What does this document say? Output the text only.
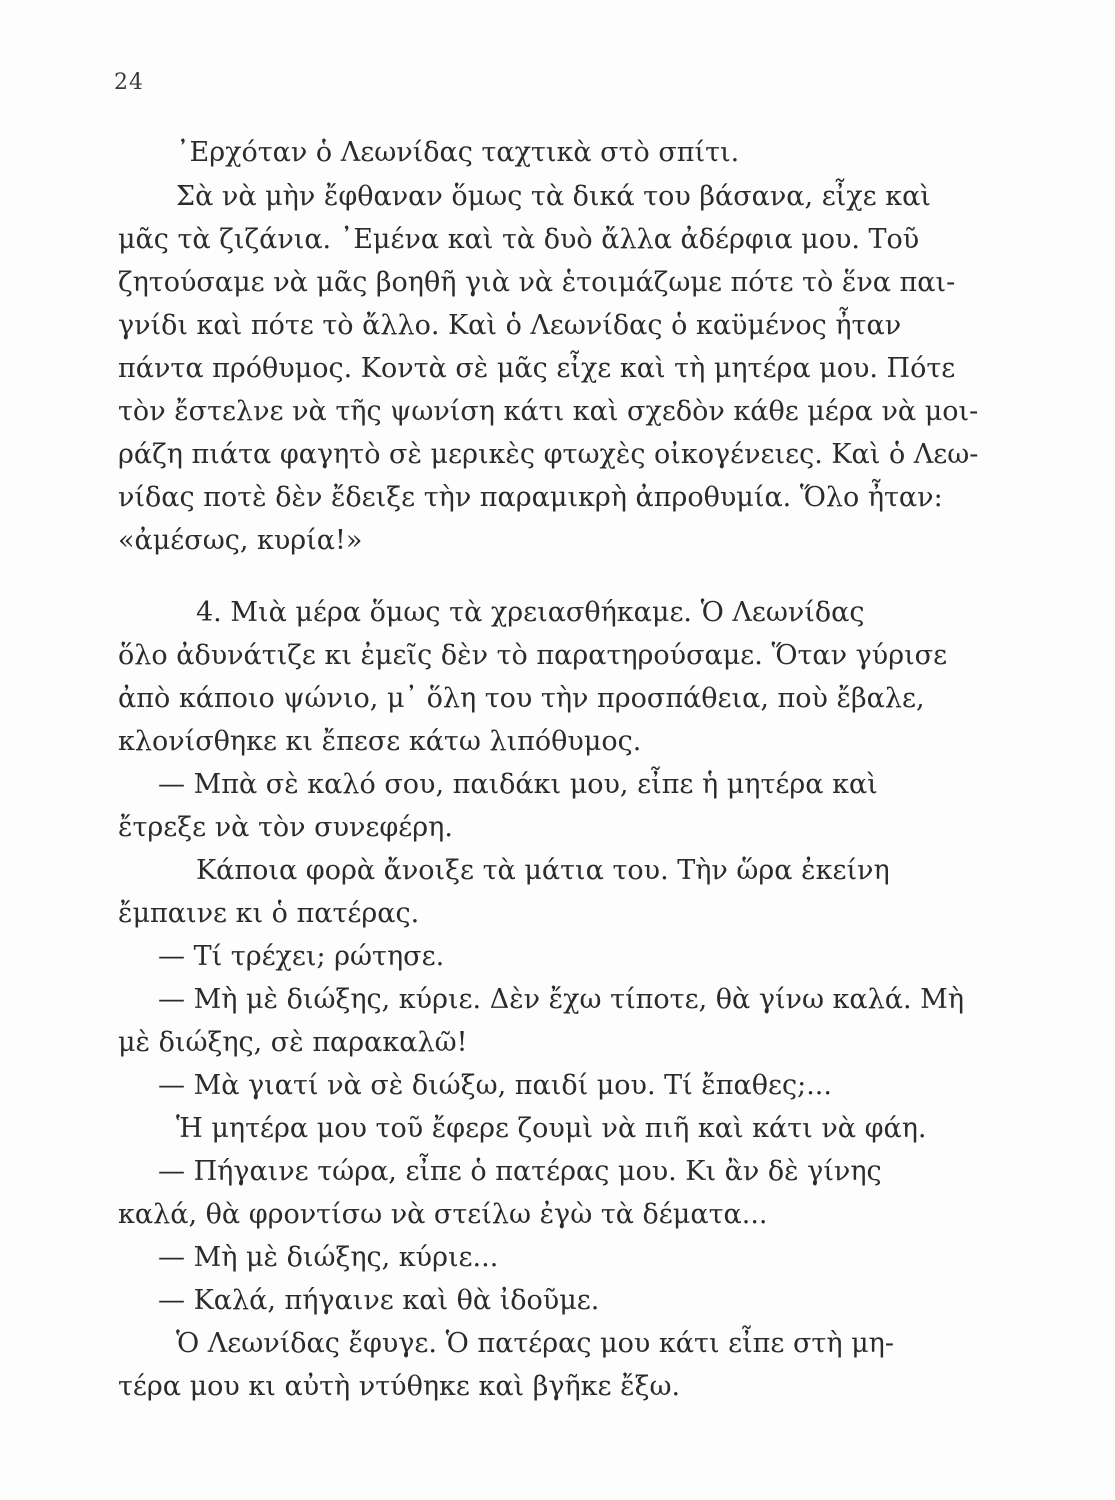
24
᾽Ερχόταν ὁ Λεωνίδας ταχτικὰ στὸ σπίτι.
Σὰ νὰ μὴν ἔφθαναν ὅμως τὰ δικά του βάσανα, εἶχε καὶ
μᾶς τὰ ζιζάνια. ᾽Εμένα καὶ τὰ δυὸ ἄλλα ἀδέρφια μου. Τοῦ
ζητούσαμε νὰ μᾶς βοηθῆ γιὰ νὰ ἑτοιμάζωμε πότε τὸ ἕνα παι-
γνίδι καὶ πότε τὸ ἄλλο. Καὶ ὁ Λεωνίδας ὁ καϋμένος ἦταν
πάντα πρόθυμος. Κοντὰ σὲ μᾶς εἶχε καὶ τὴ μητέρα μου. Πότε
τὸν ἔστελνε νὰ τῆς ψωνίση κάτι καὶ σχεδὸν κάθε μέρα νὰ μοι-
ράζη πιάτα φαγητὸ σὲ μερικὲς φτωχὲς οἰκογένειες. Καὶ ὁ Λεω-
νίδας ποτὲ δὲν ἔδειξε τὴν παραμικρὴ ἀπροθυμία. Ὅλο ἦταν:
«ἀμέσως, κυρία!»
4. Μιὰ μέρα ὅμως τὰ χρειασθήκαμε. Ὁ Λεωνίδας
ὅλο ἀδυνάτιζε κι ἐμεῖς δὲν τὸ παρατηρούσαμε. Ὅταν γύρισε
ἀπὸ κάποιο ψώνιο, μ᾽ ὅλη του τὴν προσπάθεια, ποὺ ἔβαλε,
κλονίσθηκε κι ἔπεσε κάτω λιπόθυμος.
— Μπὰ σὲ καλό σου, παιδάκι μου, εἶπε ἡ μητέρα καὶ
ἔτρεξε νὰ τὸν συνεφέρη.
Κάποια φορὰ ἄνοιξε τὰ μάτια του. Τὴν ὥρα ἐκείνη
ἔμπαινε κι ὁ πατέρας.
— Τί τρέχει; ρώτησε.
— Μὴ μὲ διώξης, κύριε. Δὲν ἔχω τίποτε, θὰ γίνω καλά. Μὴ
μὲ διώξης, σὲ παρακαλῶ!
— Μὰ γιατί νὰ σὲ διώξω, παιδί μου. Τί ἔπαθες;...
Ἡ μητέρα μου τοῦ ἔφερε ζουμὶ νὰ πιῆ καὶ κάτι νὰ φάη.
— Πήγαινε τώρα, εἶπε ὁ πατέρας μου. Κι ἂν δὲ γίνης
καλά, θὰ φροντίσω νὰ στείλω ἐγὼ τὰ δέματα...
— Μὴ μὲ διώξης, κύριε...
— Καλά, πήγαινε καὶ θὰ ἰδοῦμε.
Ὁ Λεωνίδας ἔφυγε. Ὁ πατέρας μου κάτι εἶπε στὴ μη-
τέρα μου κι αὐτὴ ντύθηκε καὶ βγῆκε ἔξω.
